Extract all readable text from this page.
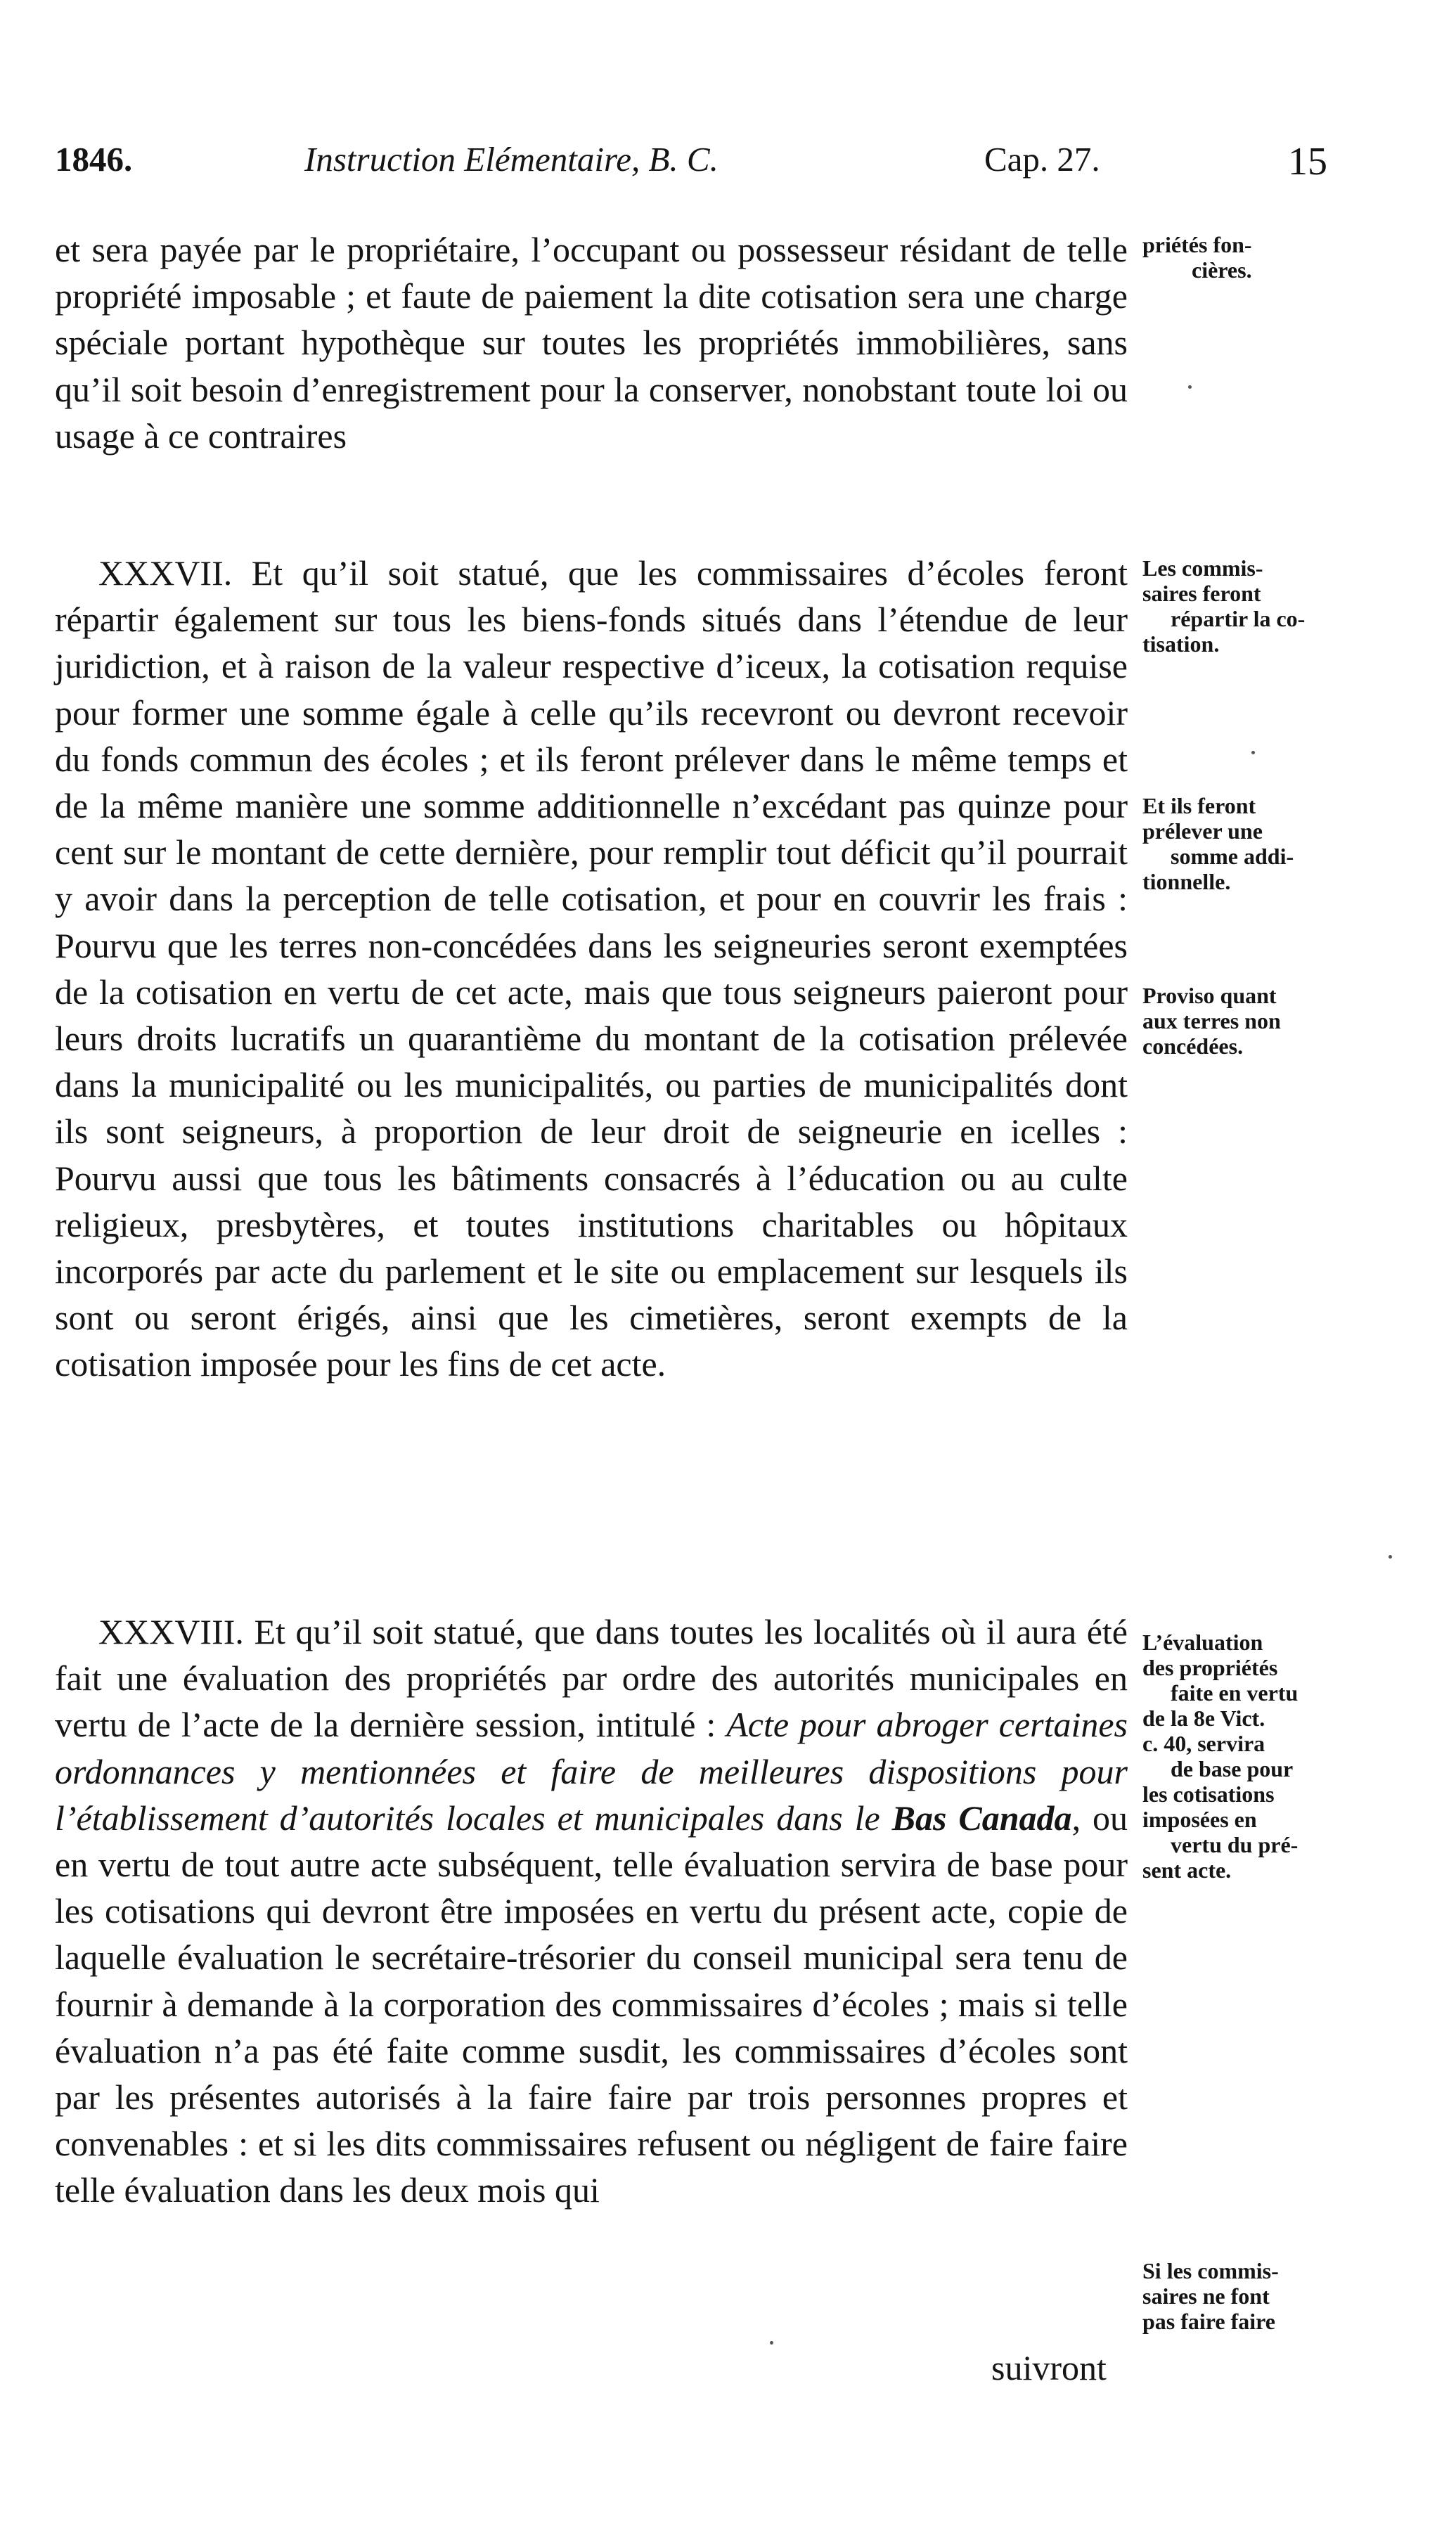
1846.	Instruction Elémentaire, B. C.	Cap. 27.	15

et sera payée par le propriétaire, l’occupant ou possesseur résidant de telle propriété imposable ; et faute de paiement la dite cotisation sera une charge spéciale portant hypothèque sur toutes les propriétés immobilières, sans qu’il soit besoin d’enregistrement pour la conserver, nonobstant toute loi ou usage à ce contraires

XXXVII. Et qu’il soit statué, que les commissaires d’écoles feront répartir également sur tous les biens-fonds situés dans l’étendue de leur juridiction, et à raison de la valeur respective d’iceux, la cotisation requise pour former une somme égale à celle qu’ils recevront ou devront recevoir du fonds commun des écoles ; et ils feront prélever dans le même temps et de la même manière une somme additionnelle n’excédant pas quinze pour cent sur le montant de cette dernière, pour remplir tout déficit qu’il pourrait y avoir dans la perception de telle cotisation, et pour en couvrir les frais : Pourvu que les terres non-concédées dans les seigneuries seront exemptées de la cotisation en vertu de cet acte, mais que tous seigneurs paieront pour leurs droits lucratifs un quarantième du montant de la cotisation prélevée dans la municipalité ou les municipalités, ou parties de municipalités dont ils sont seigneurs, à proportion de leur droit de seigneurie en icelles : Pourvu aussi que tous les bâtiments consacrés à l’éducation ou au culte religieux, presbytères, et toutes institutions charitables ou hôpitaux incorporés par acte du parlement et le site ou emplacement sur lesquels ils sont ou seront érigés, ainsi que les cimetières, seront exempts de la cotisation imposée pour les fins de cet acte.

XXXVIII. Et qu’il soit statué, que dans toutes les localités où il aura été fait une évaluation des propriétés par ordre des autorités municipales en vertu de l’acte de la dernière session, intitulé : Acte pour abroger certaines ordonnances y mentionnées et faire de meilleures dispositions pour l’établissement d’autorités locales et municipales dans le Bas Canada, ou en vertu de tout autre acte subséquent, telle évaluation servira de base pour les cotisations qui devront être imposées en vertu du présent acte, copie de laquelle évaluation le secrétaire-trésorier du conseil municipal sera tenu de fournir à demande à la corporation des commissaires d’écoles ; mais si telle évaluation n’a pas été faite comme susdit, les commissaires d’écoles sont par les présentes autorisés à la faire faire par trois personnes propres et convenables : et si les dits commissaires refusent ou négligent de faire faire telle évaluation dans les deux mois qui

suivront
priétés fon-
cières.
Les commis-
saires feront
répartir la co-
tisation.
Et ils feront
prélever une
somme addi-
tionnelle.
Proviso quant
aux terres non
concédées.
L’évaluation
des propriétés
faite en vertu
de la 8e Vict.
c. 40, servira
de base pour
les cotisations
imposées en
vertu du pré-
sent acte.
Si les commis-
saires ne font
pas faire faire
